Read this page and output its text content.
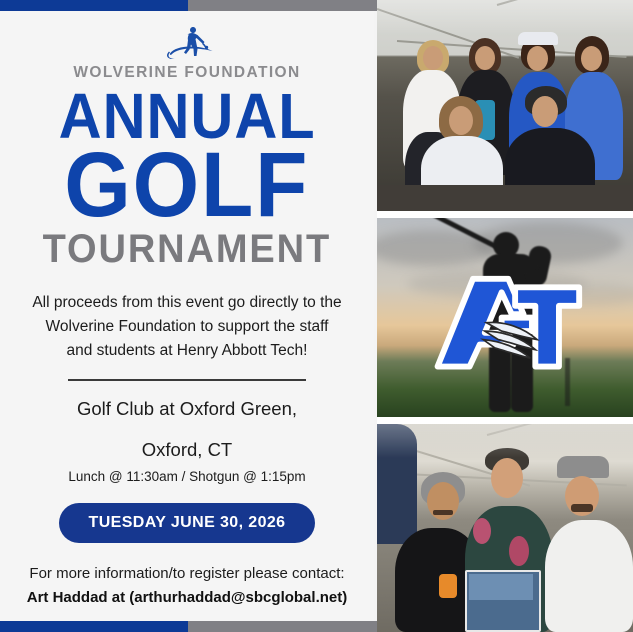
WOLVERINE FOUNDATION
ANNUAL
GOLF
TOURNAMENT
All proceeds from this event go directly to the Wolverine Foundation to support the staff and students at Henry Abbott Tech!
Golf Club at Oxford Green,
Oxford, CT
Lunch @ 11:30am / Shotgun @ 1:15pm
TUESDAY JUNE 30, 2026
For more information/to register please contact:
Art Haddad at (arthurhaddad@sbcglobal.net)
